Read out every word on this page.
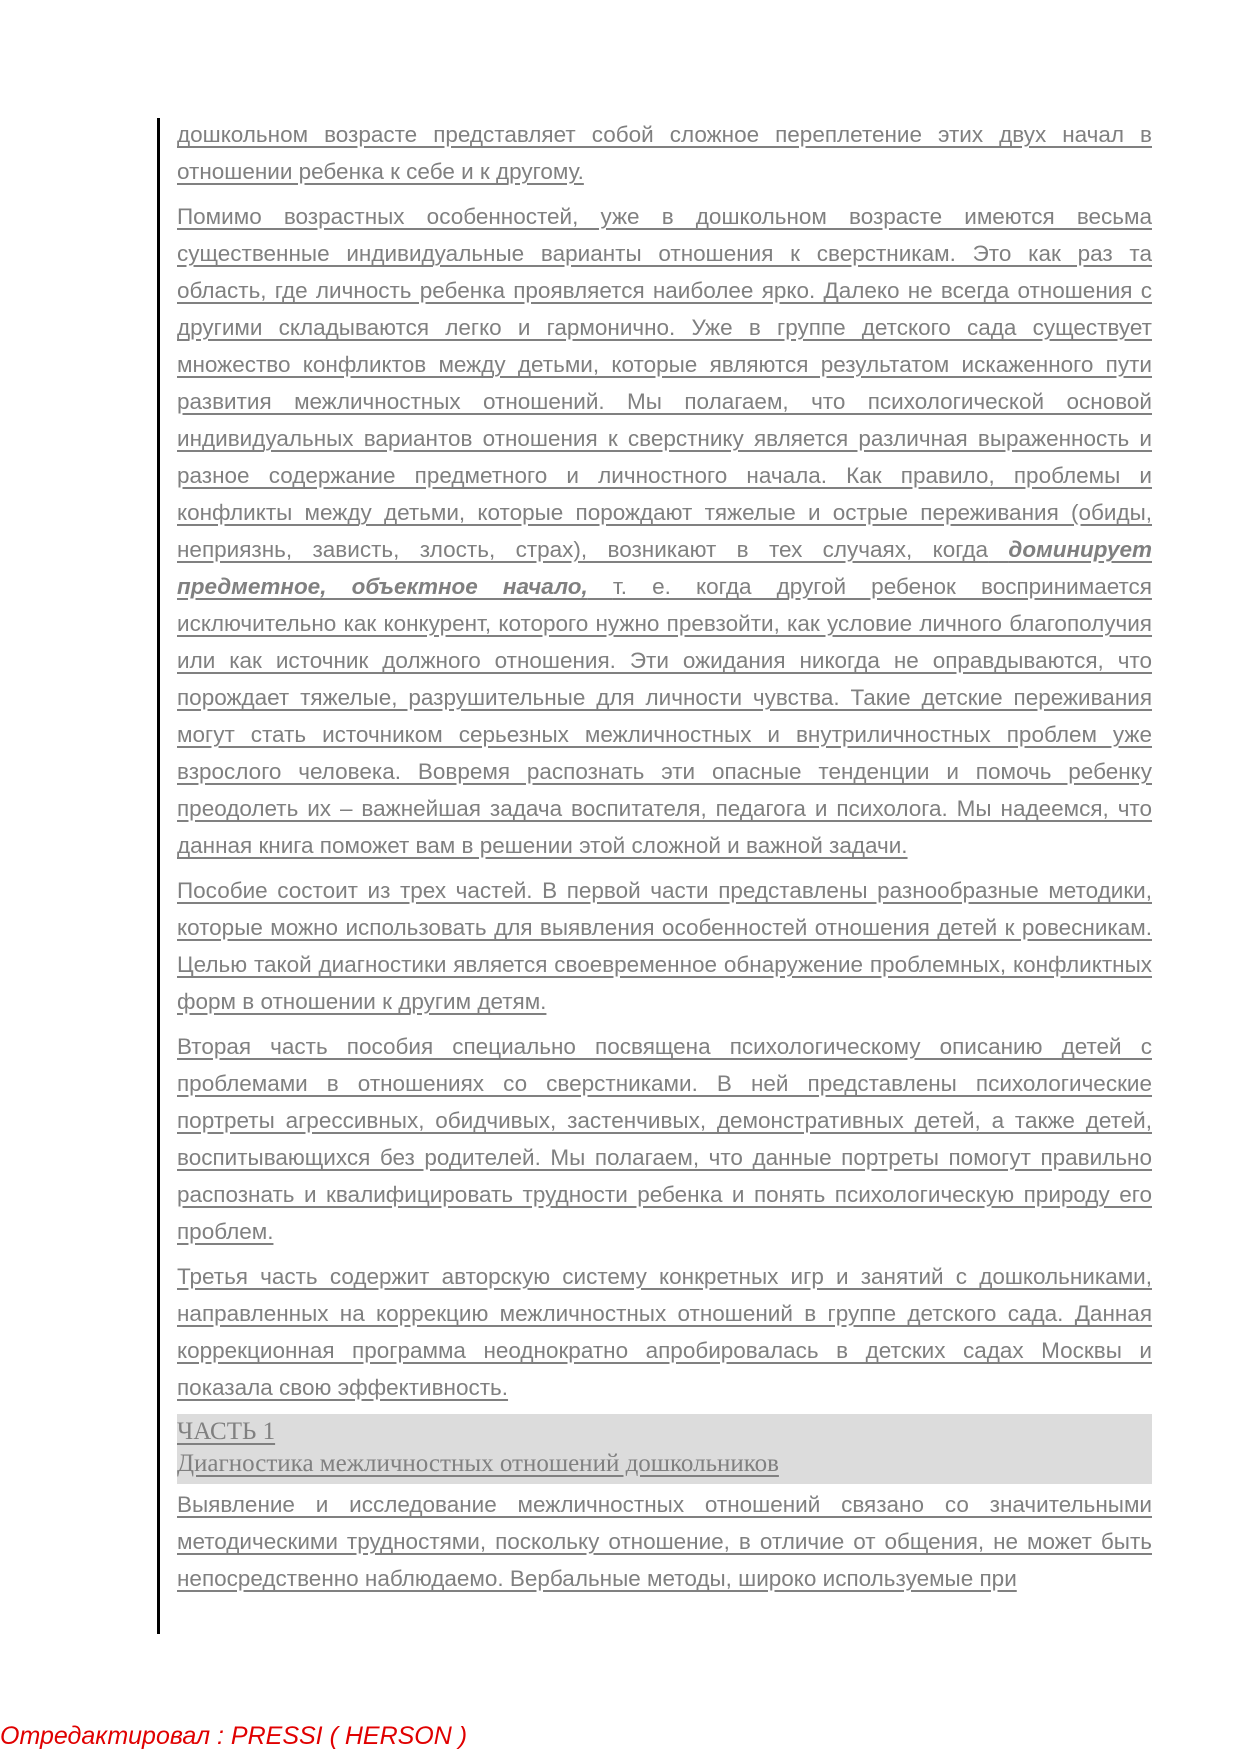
дошкольном возрасте представляет собой сложное переплетение этих двух начал в отношении ребенка к себе и к другому.

Помимо возрастных особенностей, уже в дошкольном возрасте имеются весьма существенные индивидуальные варианты отношения к сверстникам. Это как раз та область, где личность ребенка проявляется наиболее ярко. Далеко не всегда отношения с другими складываются легко и гармонично. Уже в группе детского сада существует множество конфликтов между детьми, которые являются результатом искаженного пути развития межличностных отношений. Мы полагаем, что психологической основой индивидуальных вариантов отношения к сверстнику является различная выраженность и разное содержание предметного и личностного начала. Как правило, проблемы и конфликты между детьми, которые порождают тяжелые и острые переживания (обиды, неприязнь, зависть, злость, страх), возникают в тех случаях, когда доминирует предметное, объектное начало, т. е. когда другой ребенок воспринимается исключительно как конкурент, которого нужно превзойти, как условие личного благополучия или как источник должного отношения. Эти ожидания никогда не оправдываются, что порождает тяжелые, разрушительные для личности чувства. Такие детские переживания могут стать источником серьезных межличностных и внутриличностных проблем уже взрослого человека. Вовремя распознать эти опасные тенденции и помочь ребенку преодолеть их – важнейшая задача воспитателя, педагога и психолога. Мы надеемся, что данная книга поможет вам в решении этой сложной и важной задачи.

Пособие состоит из трех частей. В первой части представлены разнообразные методики, которые можно использовать для выявления особенностей отношения детей к ровесникам. Целью такой диагностики является своевременное обнаружение проблемных, конфликтных форм в отношении к другим детям.

Вторая часть пособия специально посвящена психологическому описанию детей с проблемами в отношениях со сверстниками. В ней представлены психологические портреты агрессивных, обидчивых, застенчивых, демонстративных детей, а также детей, воспитывающихся без родителей. Мы полагаем, что данные портреты помогут правильно распознать и квалифицировать трудности ребенка и понять психологическую природу его проблем.

Третья часть содержит авторскую систему конкретных игр и занятий с дошкольниками, направленных на коррекцию межличностных отношений в группе детского сада. Данная коррекционная программа неоднократно апробировалась в детских садах Москвы и показала свою эффективность.

ЧАСТЬ 1
Диагностика межличностных отношений дошкольников

Выявление и исследование межличностных отношений связано со значительными методическими трудностями, поскольку отношение, в отличие от общения, не может быть непосредственно наблюдаемо. Вербальные методы, широко используемые при

Отредактировал : PRESSI ( HERSON )
